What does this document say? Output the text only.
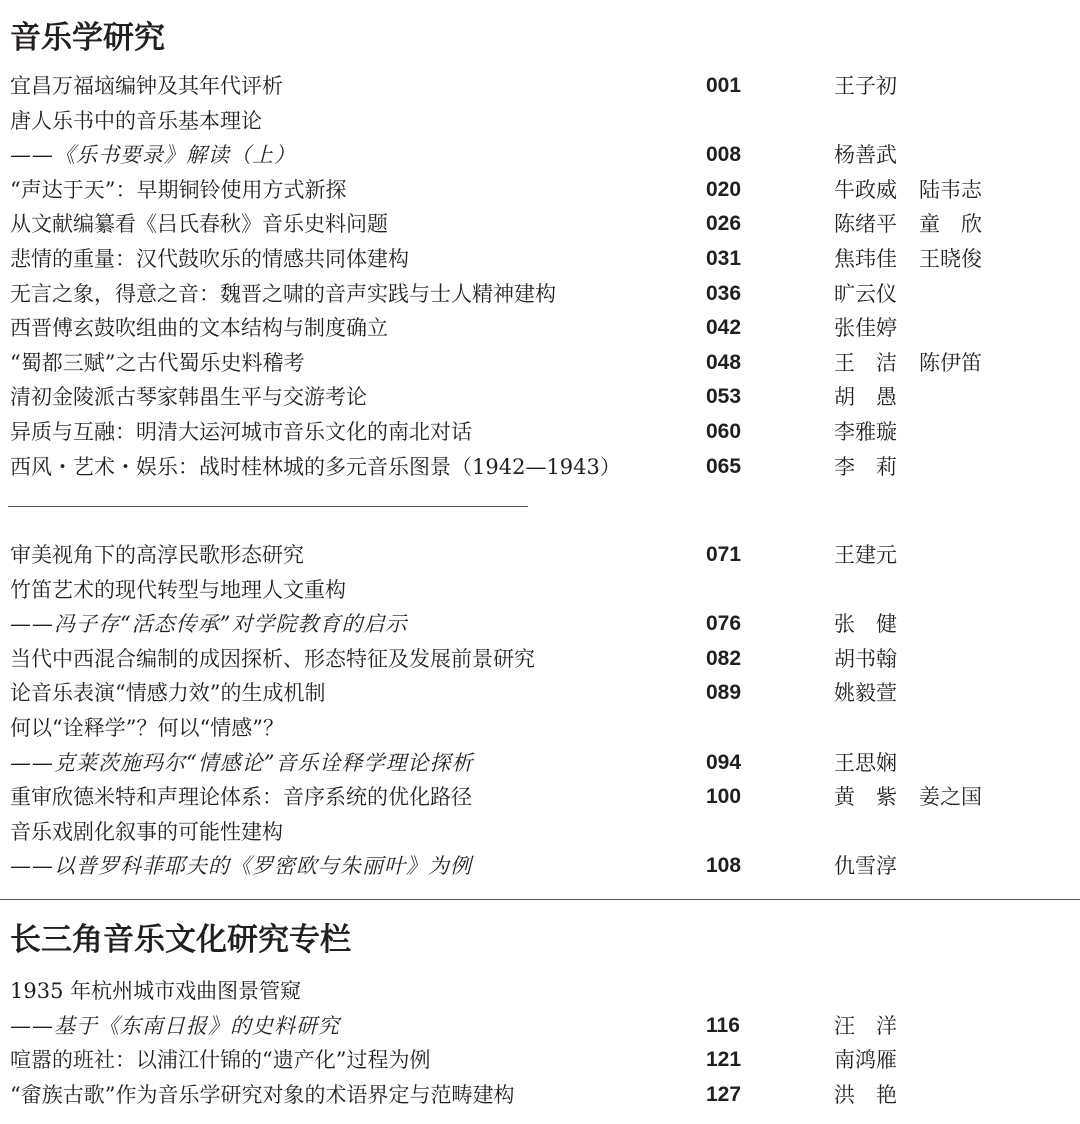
音乐学研究
宜昌万福垴编钟及其年代评析	001	王子初
唐人乐书中的音乐基本理论
——《乐书要录》解读（上）	008	杨善武
“声达于天”：早期铜铃使用方式新探	020	牛政威 陆韦志
从文献编纂看《吕氏春秋》音乐史料问题	026	陈绪平 童　欣
悲情的重量：汉代鼓吹乐的情感共同体建构	031	焦玮佳 王晓俊
无言之象，得意之音：魏晋之啸的音声实践与士人精神建构	036	旷云仪
西晋傅玄鼓吹组曲的文本结构与制度确立	042	张佳婷
“蜀都三赋”之古代蜀乐史料稽考	048	王　洁 陈伊笛
清初金陵派古琴家韩畕生平与交游考论	053	胡　愚
异质与互融：明清大运河城市音乐文化的南北对话	060	李雅璇
西风・艺术・娱乐：战时桂林城的多元音乐图景（1942—1943）	065	李　莉
审美视角下的高淳民歌形态研究	071	王建元
竹笛艺术的现代转型与地理人文重构
——冯子存“活态传承”对学院教育的启示	076	张　健
当代中西混合编制的成因探析、形态特征及发展前景研究	082	胡书翰
论音乐表演“情感力效”的生成机制	089	姚毅萱
何以“诠释学”？何以“情感”？
——克莱茨施玛尔“情感论”音乐诠释学理论探析	094	王思娴
重审欣德米特和声理论体系：音序系统的优化路径	100	黄　紫 姜之国
音乐戏剧化叙事的可能性建构
——以普罗科菲耶夫的《罗密欧与朱丽叶》为例	108	仇雪淳
长三角音乐文化研究专栏
1935 年杭州城市戏曲图景管窥
——基于《东南日报》的史料研究	116	汪　洋
喧嚣的班社：以浦江什锦的“遗产化”过程为例	121	南鸿雁
“畲族古歌”作为音乐学研究对象的术语界定与范畴建构	127	洪　艳
